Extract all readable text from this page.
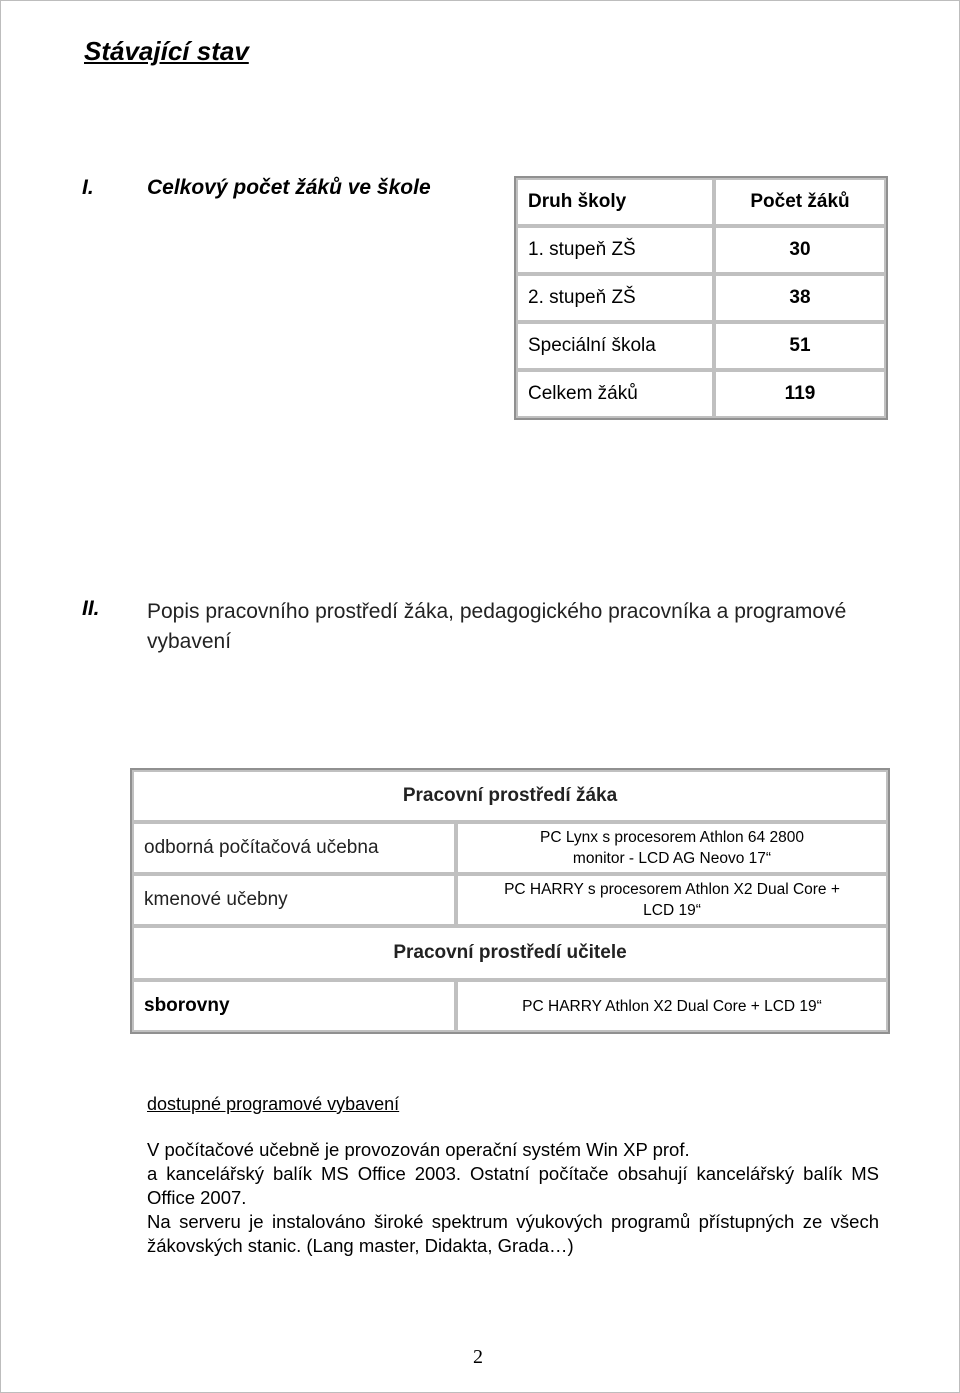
Stávající stav
I.	Celkový počet žáků ve škole
Druh školy	Počet žáků
1. stupeň ZŠ	30
2. stupeň ZŠ	38
Speciální škola	51
Celkem žáků	119
II. Popis pracovního prostředí žáka, pedagogického pracovníka a programové vybavení
Pracovní prostředí žáka	
odborná počítačová učebna	PC Lynx s procesorem Athlon 64 2800
monitor - LCD AG Neovo 17“
kmenové učebny	PC HARRY s procesorem Athlon X2 Dual Core +
LCD 19“
Pracovní prostředí učitele	
sborovny	PC HARRY Athlon X2 Dual Core + LCD 19“
dostupné programové vybavení

V počítačové učebně je provozován operační systém Win XP prof.

a kancelářský balík MS Office 2003. Ostatní počítače obsahují kancelářský balík MS Office 2007.

Na serveru je instalováno široké spektrum výukových programů přístupných ze všech žákovských stanic. (Lang master, Didakta, Grada…)

2
